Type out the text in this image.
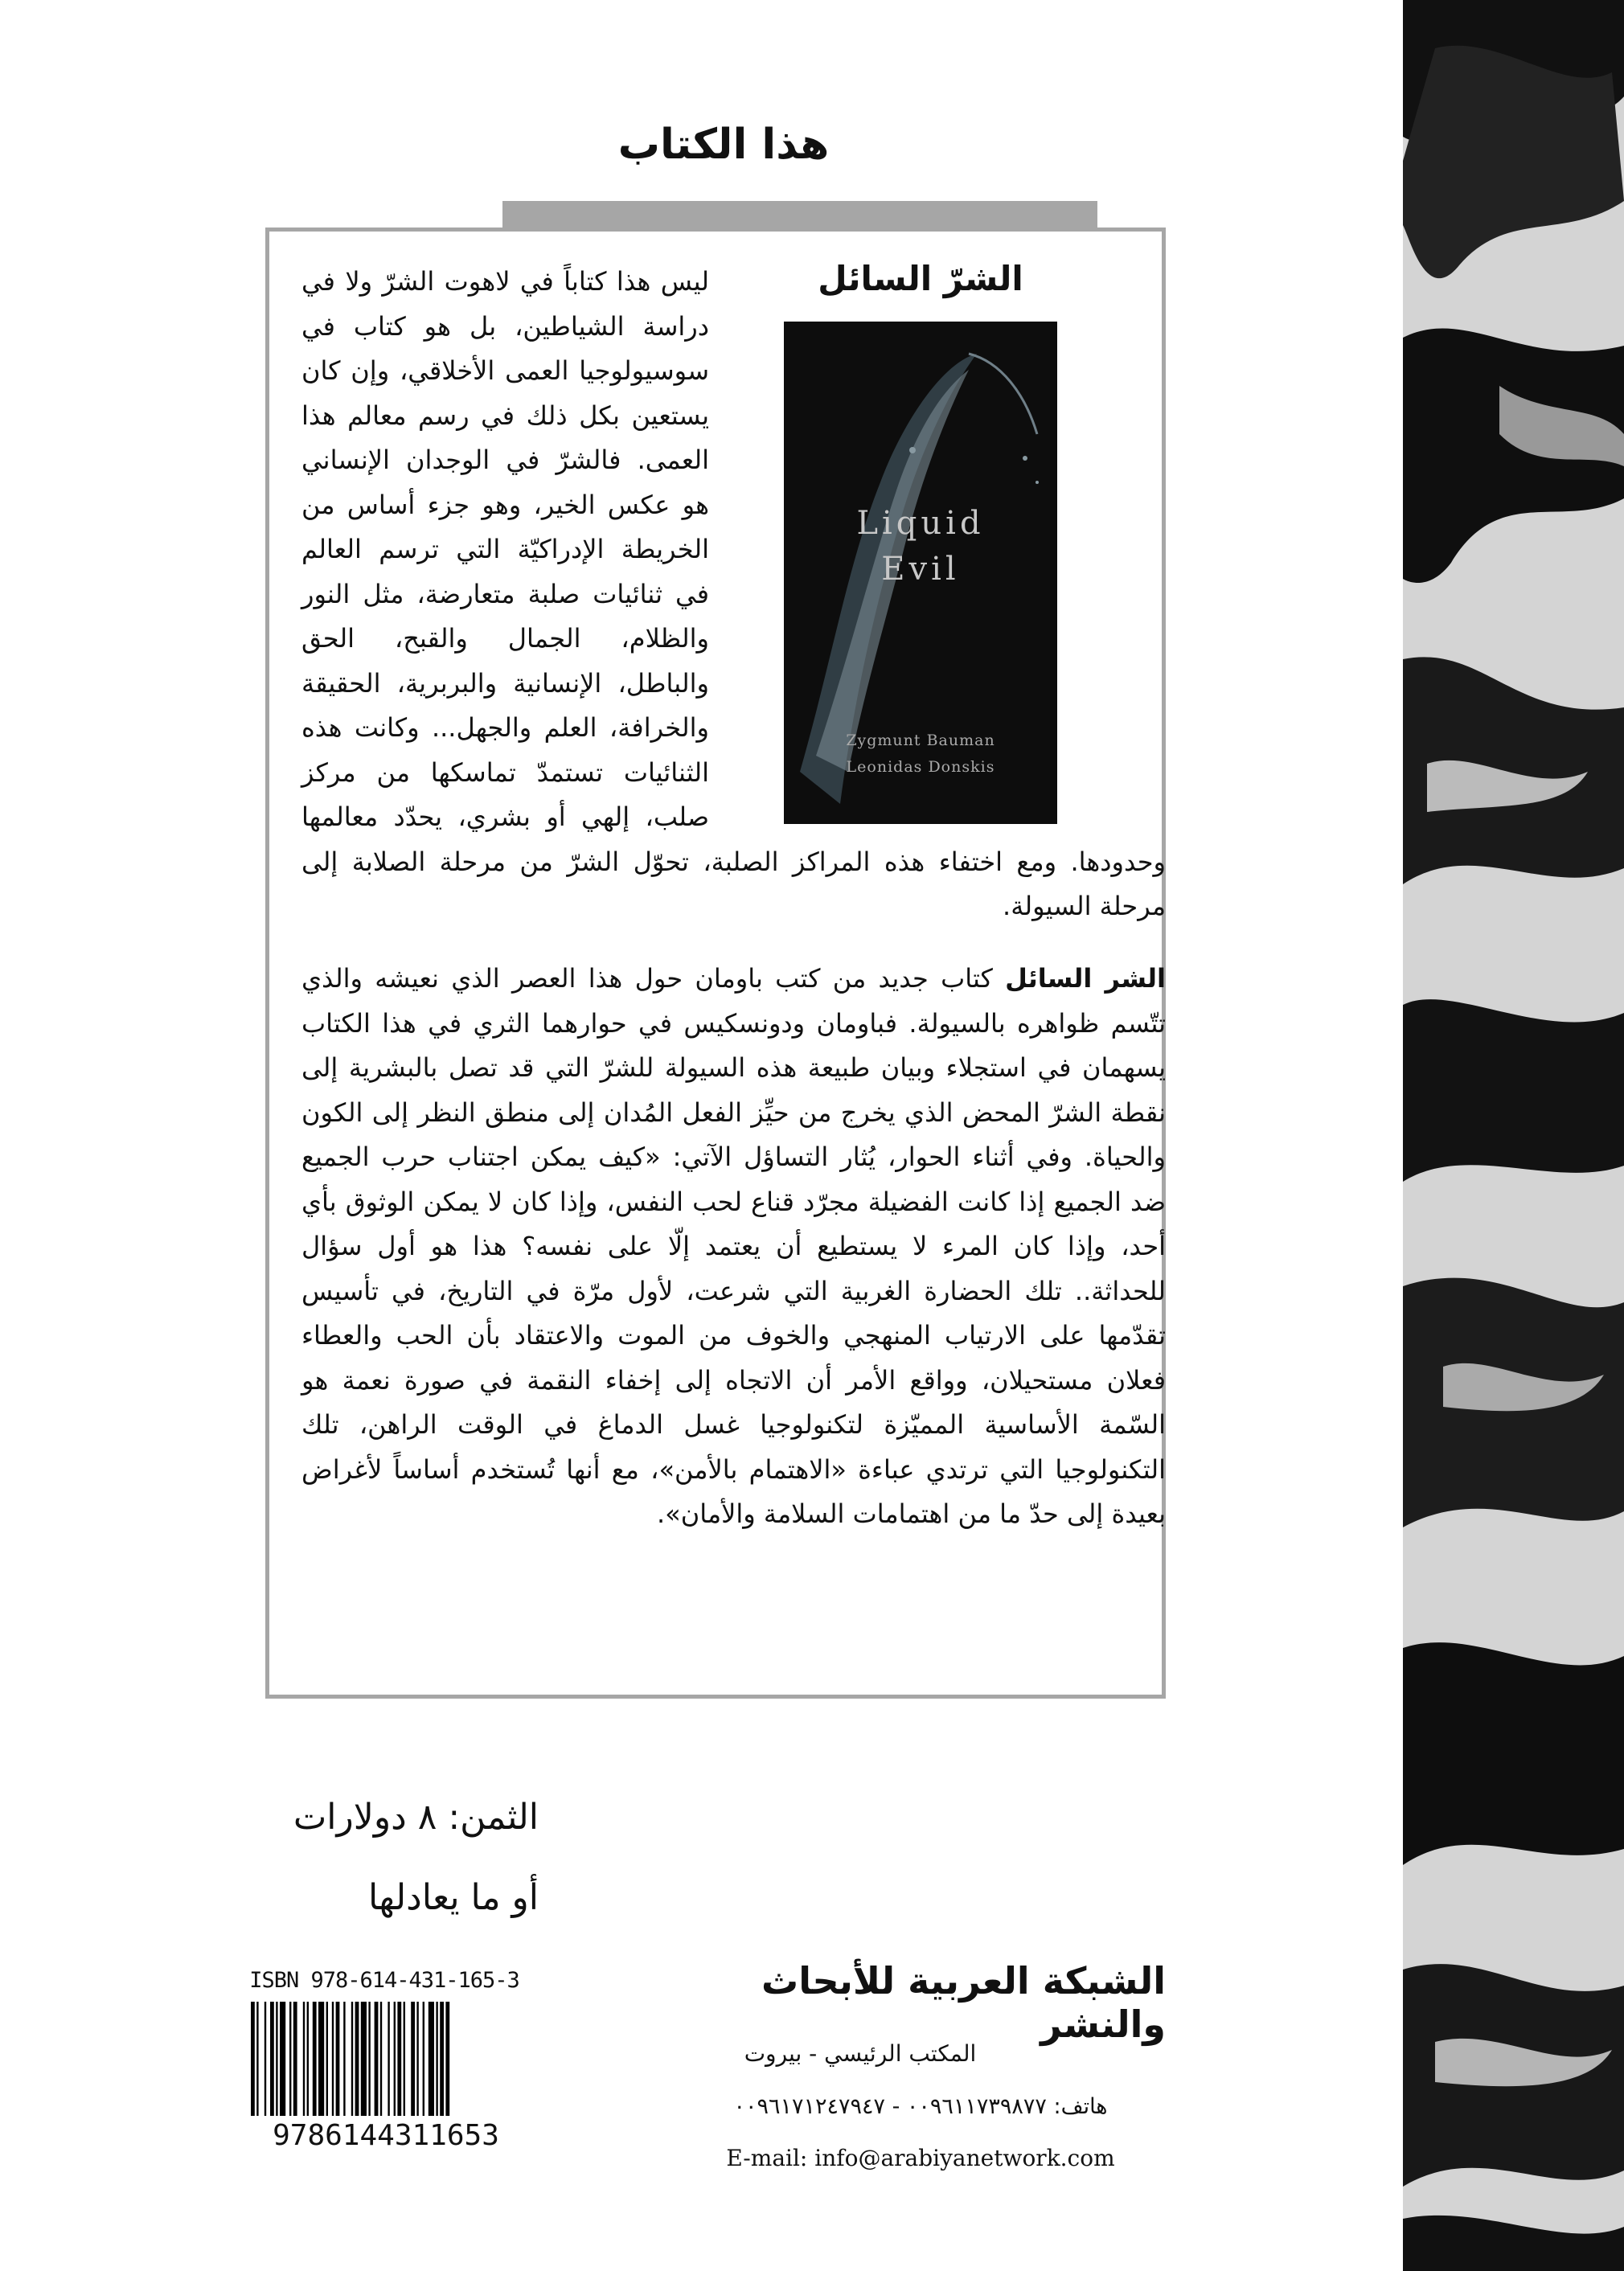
هذا الكتاب
الشرّ السائل
Liquid
Evil
Zygmunt Bauman
Leonidas Donskis
ليس هذا كتاباً في لاهوت الشرّ ولا في دراسة الشياطين، بل هو كتاب في سوسيولوجيا العمى الأخلاقي، وإن كان يستعين بكل ذلك في رسم معالم هذا العمى. فالشرّ في الوجدان الإنساني هو عكس الخير، وهو جزء أساس من الخريطة الإدراكيّة التي ترسم العالم في ثنائيات صلبة متعارضة، مثل النور والظلام، الجمال والقبح، الحق والباطل، الإنسانية والبربرية، الحقيقة والخرافة، العلم والجهل... وكانت هذه الثنائيات تستمدّ تماسكها من مركز صلب، إلهي أو بشري، يحدّد معالمها وحدودها. ومع اختفاء هذه المراكز الصلبة، تحوّل الشرّ من مرحلة الصلابة إلى مرحلة السيولة.
الشر السائل كتاب جديد من كتب باومان حول هذا العصر الذي نعيشه والذي تتّسم ظواهره بالسيولة. فباومان ودونسكيس في حوارهما الثري في هذا الكتاب يسهمان في استجلاء وبيان طبيعة هذه السيولة للشرّ التي قد تصل بالبشرية إلى نقطة الشرّ المحض الذي يخرج من حيِّز الفعل المُدان إلى منطق النظر إلى الكون والحياة. وفي أثناء الحوار، يُثار التساؤل الآتي: «كيف يمكن اجتناب حرب الجميع ضد الجميع إذا كانت الفضيلة مجرّد قناع لحب النفس، وإذا كان لا يمكن الوثوق بأي أحد، وإذا كان المرء لا يستطيع أن يعتمد إلّا على نفسه؟ هذا هو أول سؤال للحداثة.. تلك الحضارة الغربية التي شرعت، لأول مرّة في التاريخ، في تأسيس تقدّمها على الارتياب المنهجي والخوف من الموت والاعتقاد بأن الحب والعطاء فعلان مستحيلان، وواقع الأمر أن الاتجاه إلى إخفاء النقمة في صورة نعمة هو السّمة الأساسية المميّزة لتكنولوجيا غسل الدماغ في الوقت الراهن، تلك التكنولوجيا التي ترتدي عباءة «الاهتمام بالأمن»، مع أنها تُستخدم أساساً لأغراض بعيدة إلى حدّ ما من اهتمامات السلامة والأمان».
الثمن: ٨ دولارات
أو ما يعادلها
ISBN 978-614-431-165-3
9786144311653
الشبكة العربية للأبحاث والنشر
المكتب الرئيسي - بيروت
هاتف: ٠٠٩٦١١٧٣٩٨٧٧ - ٠٠٩٦١٧١٢٤٧٩٤٧
E-mail: info@arabiyanetwork.com
